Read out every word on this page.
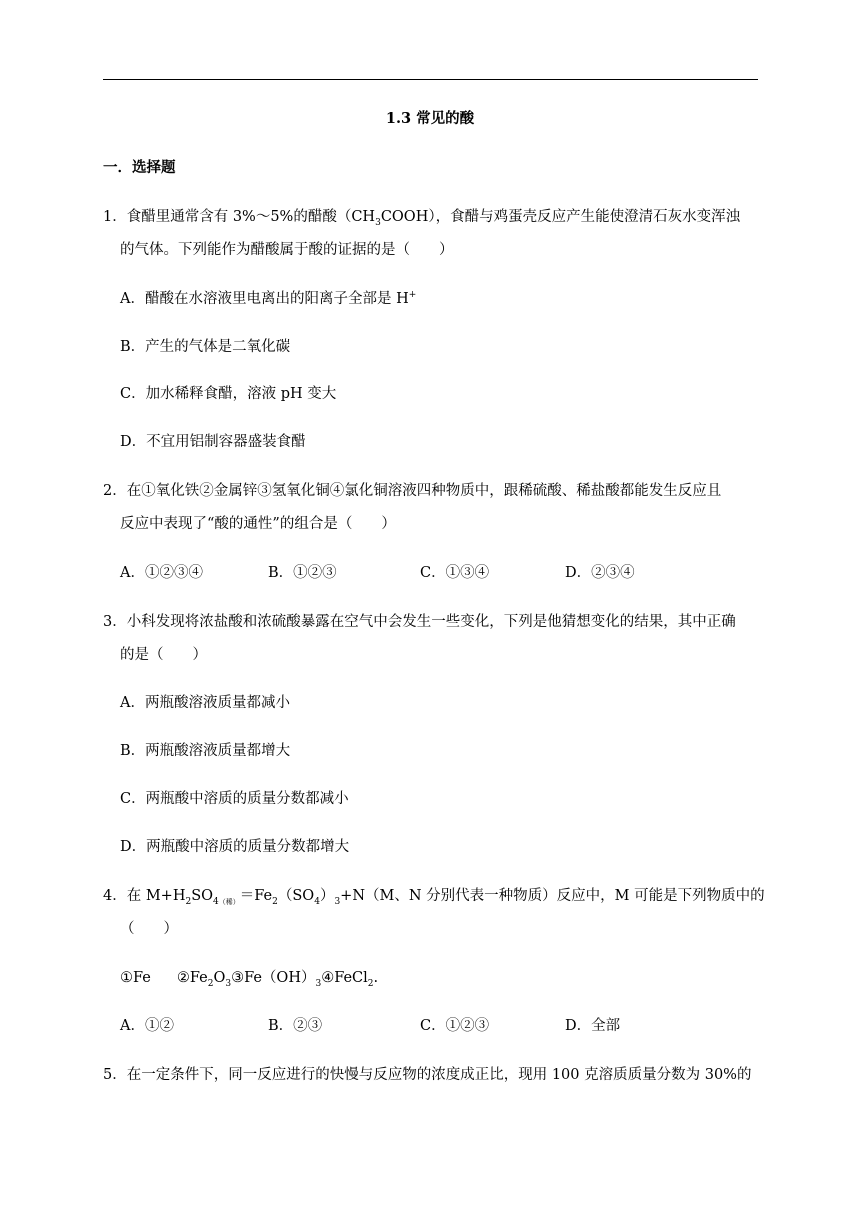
1.3 常见的酸
一．选择题
1．食醋里通常含有 3%～5%的醋酸$(CH_3COOH)$，食醋与鸡蛋壳反应产生能使澄清石灰水变浑浊
的气体。下列能作为醋酸属于酸的证据的是（　　）
A．醋酸在水溶液里电离出的阳离子全部是 H+
B．产生的气体是二氧化碳
C．加水稀释食醋，溶液 pH 变大
D．不宜用铝制容器盛装食醋
2．在①氧化铁②金属锌③氢氧化铜④氯化铜溶液四种物质中，跟稀硫酸、稀盐酸都能发生反应且
反应中表现了“酸的通性”的组合是（　　）
A．①②③④	B．①②③	C．①③④	D．②③④
3．小科发现将浓盐酸和浓硫酸暴露在空气中会发生一些变化，下列是他猜想变化的结果，其中正确
的是（　　）
A．两瓶酸溶液质量都减小
B．两瓶酸溶液质量都增大
C．两瓶酸中溶质的质量分数都减小
D．两瓶酸中溶质的质量分数都增大
4．在 $M+H_2SO_{4(稀)}=Fe_2(SO_4)_3+N(M$、N 分别代表一种物质）反应中，M 可能是下列物质中的
（　　）
①Fe $②Fe_2O_3③Fe(OH)_3④FeCl_2$.
A．①②	B．②③	C．①②③	D．全部
5．在一定条件下，同一反应进行的快慢与反应物的浓度成正比，现用 100 克溶质质量分数为 30%的
